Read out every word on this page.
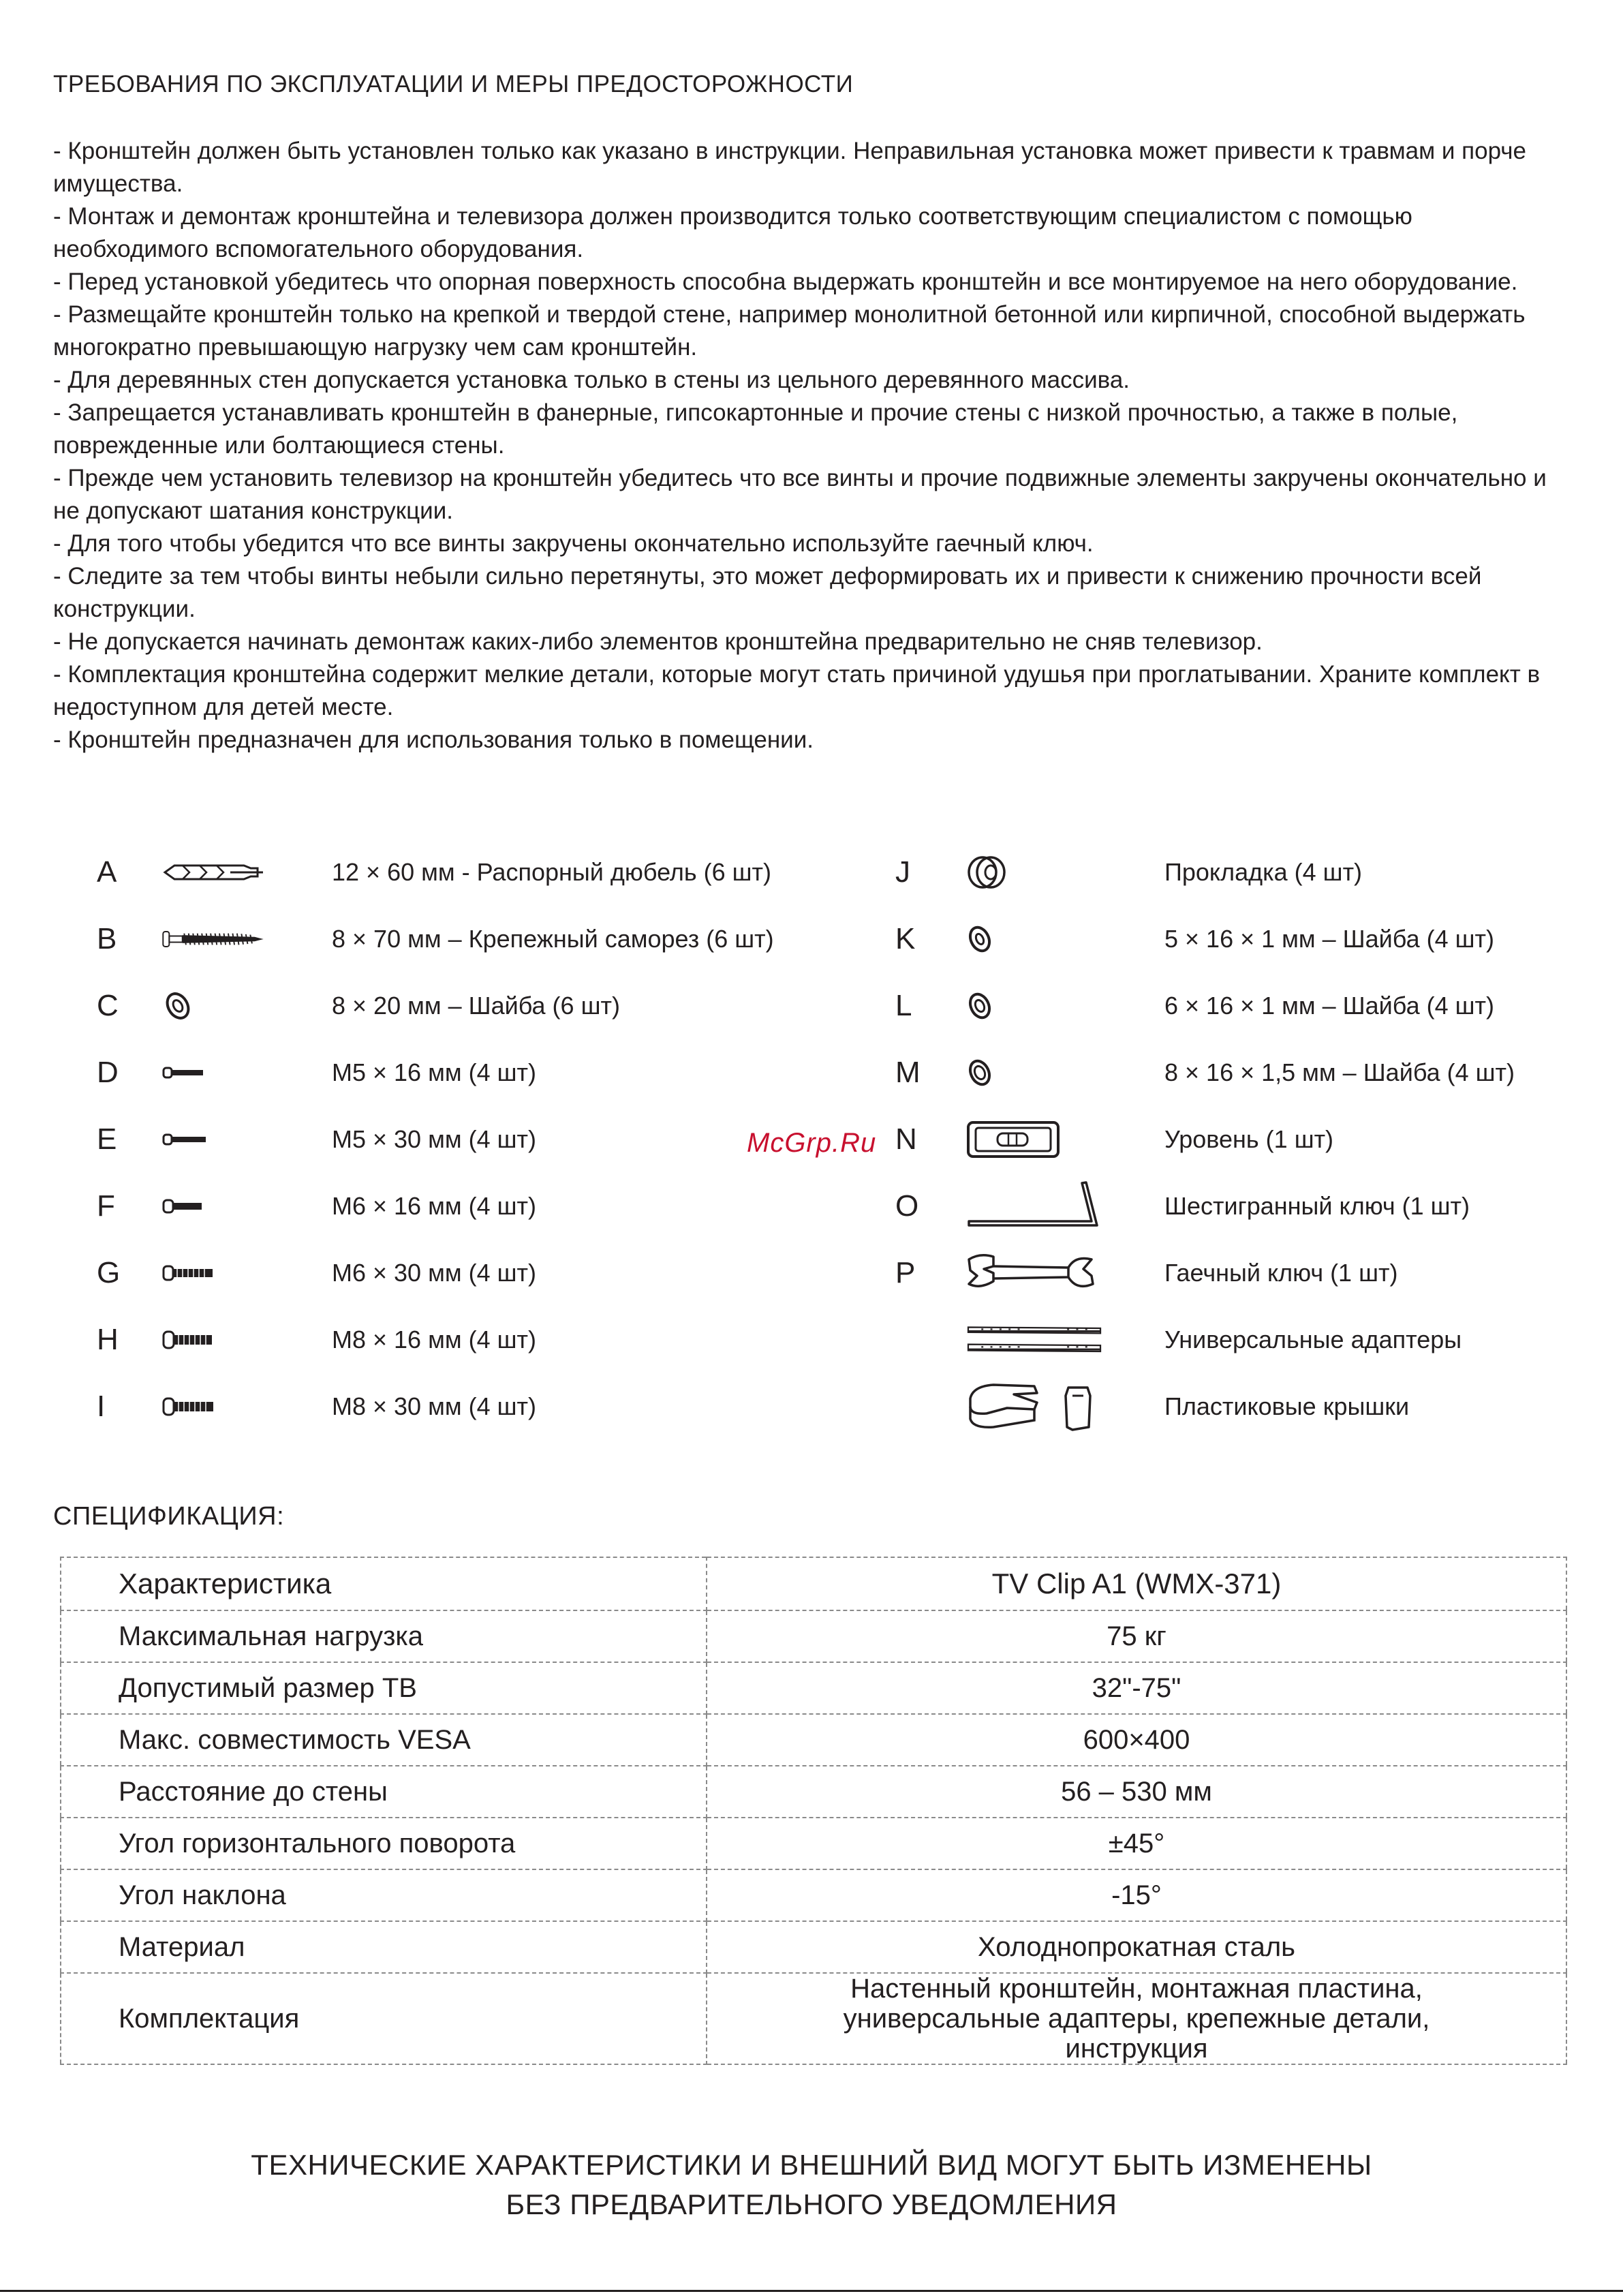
ТРЕБОВАНИЯ ПО ЭКСПЛУАТАЦИИ И МЕРЫ ПРЕДОСТОРОЖНОСТИ

- Кронштейн должен быть установлен только как указано в инструкции. Неправильная установка может привести к травмам и порче имущества.

- Монтаж и демонтаж кронштейна и телевизора должен производится только соответствующим специалистом с помощью необходимого вспомогательного оборудования.

- Перед установкой убедитесь что опорная поверхность способна выдержать кронштейн и все монтируемое на него оборудование.

- Размещайте кронштейн только на крепкой и твердой стене, например монолитной бетонной или кирпичной, способной выдержать многократно превышающую нагрузку чем сам кронштейн.

- Для деревянных стен допускается установка только в стены из цельного деревянного массива.

- Запрещается устанавливать кронштейн в фанерные, гипсокартонные и прочие стены с низкой прочностью, а также в полые, поврежденные или болтающиеся стены.

- Прежде чем установить телевизор на кронштейн убедитесь что все винты и прочие подвижные элементы закручены окончательно и не допускают шатания конструкции.

- Для того чтобы убедится что все винты закручены окончательно используйте гаечный ключ.

- Следите за тем чтобы винты небыли сильно перетянуты, это может деформировать их и привести к снижению прочности всей конструкции.

- Не допускается начинать демонтаж каких-либо элементов кронштейна предварительно не сняв телевизор.

- Комплектация кронштейна содержит мелкие детали, которые могут стать причиной удушья при проглатывании. Храните комплект в недоступном для детей месте.

- Кронштейн предназначен для использования только в помещении.

A	12 × 60 мм - Распорный дюбель (6 шт)
B	8 × 70 мм – Крепежный саморез (6 шт)
C	8 × 20 мм – Шайба (6 шт)
D	M5 × 16 мм (4 шт)
E	M5 × 30 мм (4 шт)
F	M6 × 16 мм (4 шт)
G	M6 × 30 мм (4 шт)
H	M8 × 16 мм (4 шт)
I	M8 × 30 мм (4 шт)
J	Прокладка (4 шт)
K	5 × 16 × 1 мм – Шайба (4 шт)
L	6 × 16 × 1 мм – Шайба (4 шт)
M	8 × 16 × 1,5 мм – Шайба (4 шт)
N	Уровень (1 шт)
O	Шестигранный ключ (1 шт)
P	Гаечный ключ (1 шт)
Универсальные адаптеры
Пластиковые крышки
McGrp.Ru
СПЕЦИФИКАЦИЯ:
Характеристика	TV Clip A1 (WMX-371)
Максимальная нагрузка	75 кг
Допустимый размер ТВ	32"-75"
Макс. совместимость VESA	600×400
Расстояние до стены	56 – 530 мм
Угол горизонтального поворота	±45°
Угол наклона	-15°
Материал	Холоднопрокатная сталь
Комплектация	Настенный кронштейн, монтажная пластина, универсальные адаптеры, крепежные детали, инструкция
ТЕХНИЧЕСКИЕ ХАРАКТЕРИСТИКИ И ВНЕШНИЙ ВИД МОГУТ БЫТЬ ИЗМЕНЕНЫ
БЕЗ ПРЕДВАРИТЕЛЬНОГО УВЕДОМЛЕНИЯ
